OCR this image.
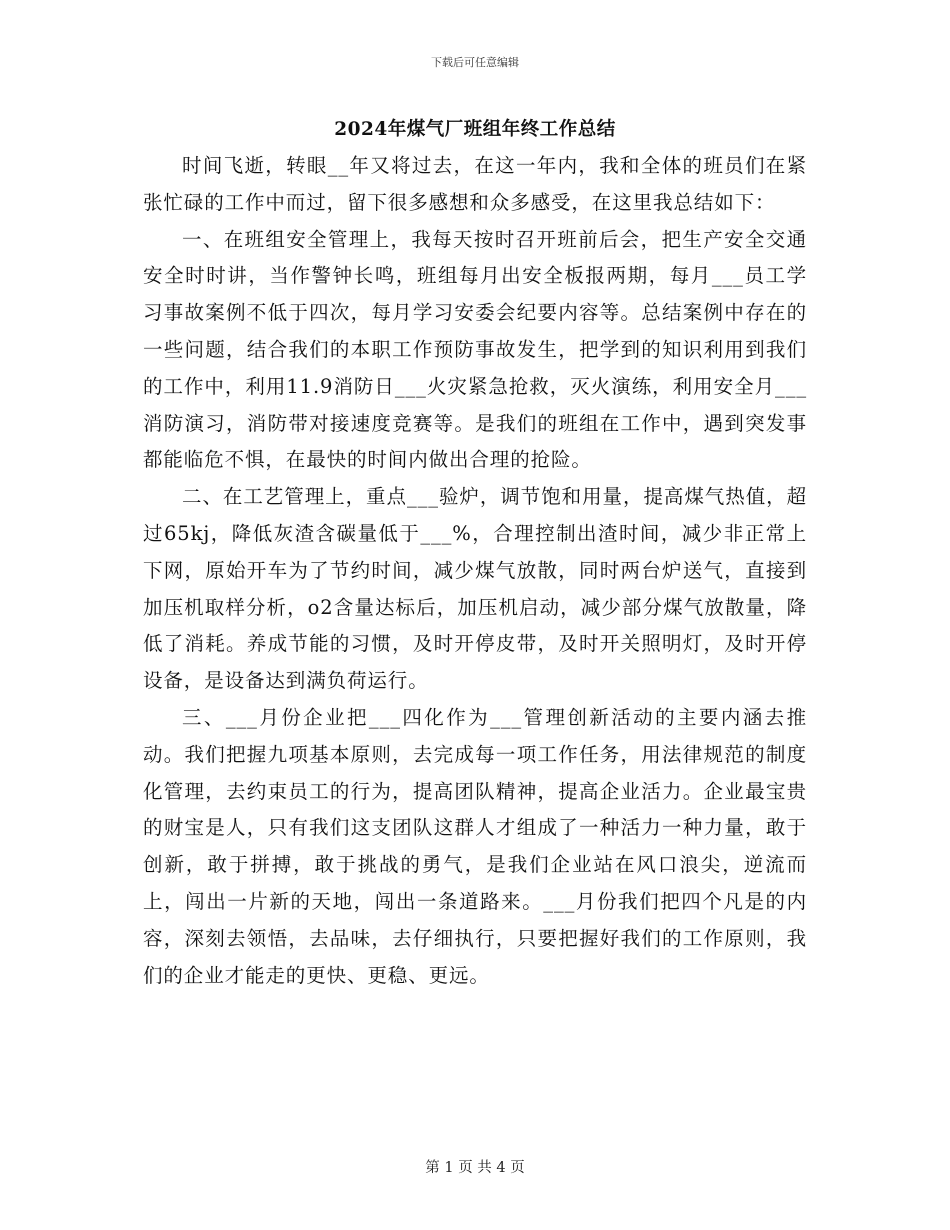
下载后可任意编辑
2024年煤气厂班组年终工作总结

时间飞逝，转眼__年又将过去，在这一年内，我和全体的班员们在紧张忙碌的工作中而过，留下很多感想和众多感受，在这里我总结如下：

一、在班组安全管理上，我每天按时召开班前后会，把生产安全交通安全时时讲，当作警钟长鸣，班组每月出安全板报两期，每月___员工学习事故案例不低于四次，每月学习安委会纪要内容等。总结案例中存在的一些问题，结合我们的本职工作预防事故发生，把学到的知识利用到我们的工作中，利用11.9消防日___火灾紧急抢救，灭火演练，利用安全月___消防演习，消防带对接速度竞赛等。是我们的班组在工作中，遇到突发事都能临危不惧，在最快的时间内做出合理的抢险。

二、在工艺管理上，重点___验炉，调节饱和用量，提高煤气热值，超过65kj，降低灰渣含碳量低于___%，合理控制出渣时间，减少非正常上下网，原始开车为了节约时间，减少煤气放散，同时两台炉送气，直接到加压机取样分析，o2含量达标后，加压机启动，减少部分煤气放散量，降低了消耗。养成节能的习惯，及时开停皮带，及时开关照明灯，及时开停设备，是设备达到满负荷运行。

三、___月份企业把___四化作为___管理创新活动的主要内涵去推动。我们把握九项基本原则，去完成每一项工作任务，用法律规范的制度化管理，去约束员工的行为，提高团队精神，提高企业活力。企业最宝贵的财宝是人，只有我们这支团队这群人才组成了一种活力一种力量，敢于创新，敢于拼搏，敢于挑战的勇气，是我们企业站在风口浪尖，逆流而上，闯出一片新的天地，闯出一条道路来。___月份我们把四个凡是的内容，深刻去领悟，去品味，去仔细执行，只要把握好我们的工作原则，我们的企业才能走的更快、更稳、更远。

第 1 页 共 4 页
